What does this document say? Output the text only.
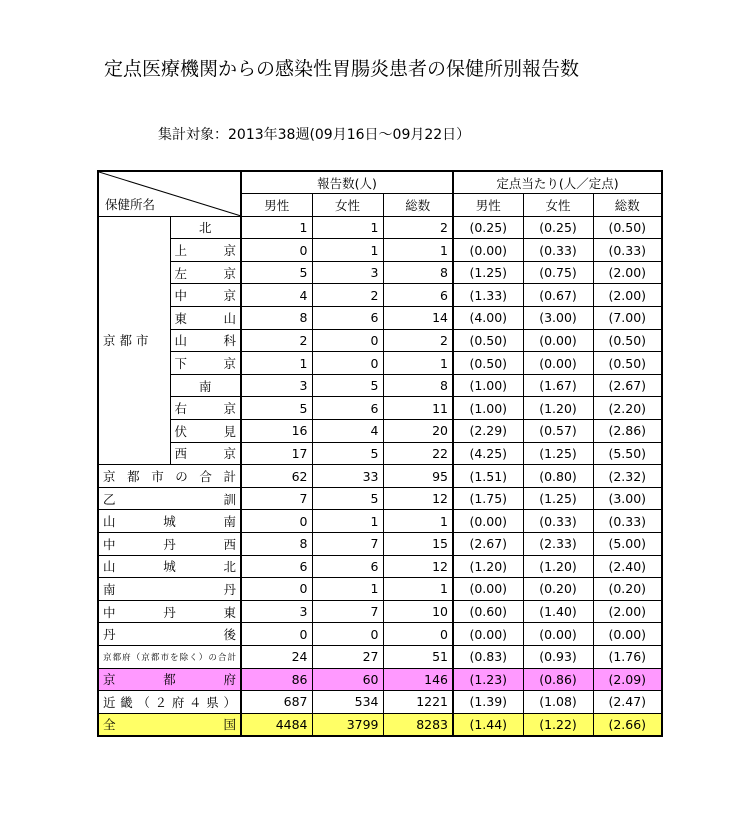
定点医療機関からの感染性胃腸炎患者の保健所別報告数
集計対象：2013年38週(09月16日～09月22日）
保健所名		報告数(人)			定点当たり(人／定点)		
		男性	女性	総数	男性	女性	総数
京都市	北	1	1	2	(0.25)	(0.25)	(0.50)
	上　京	0	1	1	(0.00)	(0.33)	(0.33)
	左　京	5	3	8	(1.25)	(0.75)	(2.00)
	中　京	4	2	6	(1.33)	(0.67)	(2.00)
	東　山	8	6	14	(4.00)	(3.00)	(7.00)
	山　科	2	0	2	(0.50)	(0.00)	(0.50)
	下　京	1	0	1	(0.50)	(0.00)	(0.50)
	南	3	5	8	(1.00)	(1.67)	(2.67)
	右　京	5	6	11	(1.00)	(1.20)	(2.20)
	伏　見	16	4	20	(2.29)	(0.57)	(2.86)
	西　京	17	5	22	(4.25)	(1.25)	(5.50)
京都市の合計		62	33	95	(1.51)	(0.80)	(2.32)
乙訓		7	5	12	(1.75)	(1.25)	(3.00)
山城南		0	1	1	(0.00)	(0.33)	(0.33)
中丹西		8	7	15	(2.67)	(2.33)	(5.00)
山城北		6	6	12	(1.20)	(1.20)	(2.40)
南丹		0	1	1	(0.00)	(0.20)	(0.20)
中丹東		3	7	10	(0.60)	(1.40)	(2.00)
丹後		0	0	0	(0.00)	(0.00)	(0.00)
京都府（京都市を除く）の合計		24	27	51	(0.83)	(0.93)	(1.76)
京都府		86	60	146	(1.23)	(0.86)	(2.09)
近畿（２府４県）		687	534	1221	(1.39)	(1.08)	(2.47)
全国		4484	3799	8283	(1.44)	(1.22)	(2.66)
